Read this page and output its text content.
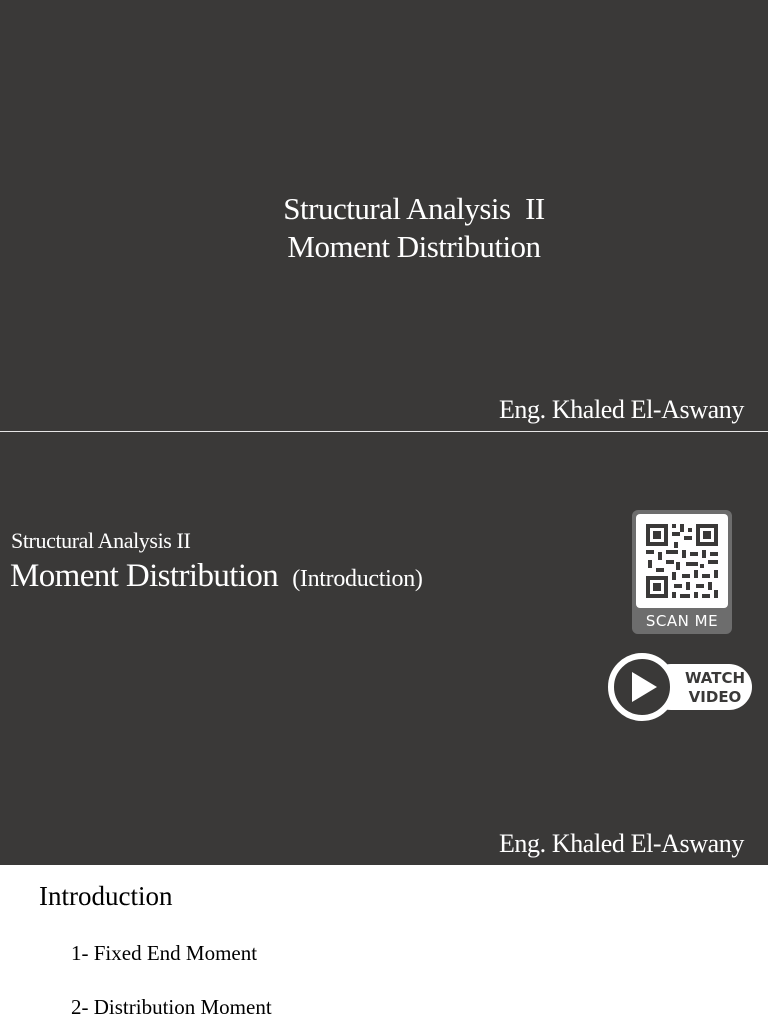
Structural Analysis  II
Moment Distribution
Eng. Khaled El-Aswany
Structural Analysis II
Moment Distribution (Introduction)
Eng. Khaled El-Aswany
SCAN ME
WATCH
VIDEO
Introduction
1- Fixed End Moment
2- Distribution Moment
